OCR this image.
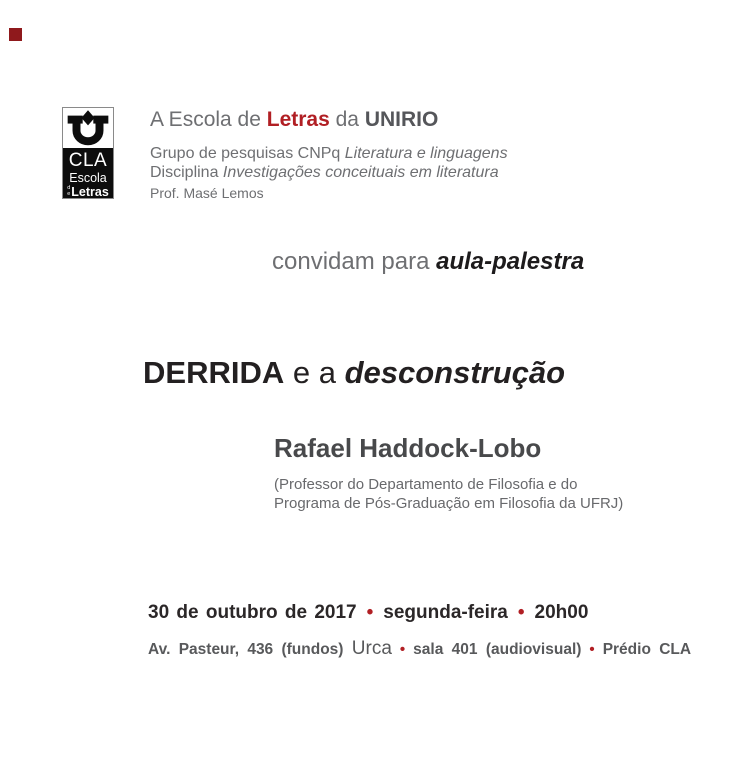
CLA
Escola
d
e Letras
A Escola de Letras da UNIRIO
Grupo de pesquisas CNPq Literatura e linguagens
Disciplina Investigações conceituais em literatura
Prof. Masé Lemos
convidam para aula-palestra
DERRIDA e a desconstrução
Rafael Haddock-Lobo
(Professor do Departamento de Filosofia e do
Programa de Pós-Graduação em Filosofia da UFRJ)
30 de outubro de 2017 • segunda-feira • 20h00
Av. Pasteur, 436 (fundos) Urca • sala 401 (audiovisual) • Prédio CLA
